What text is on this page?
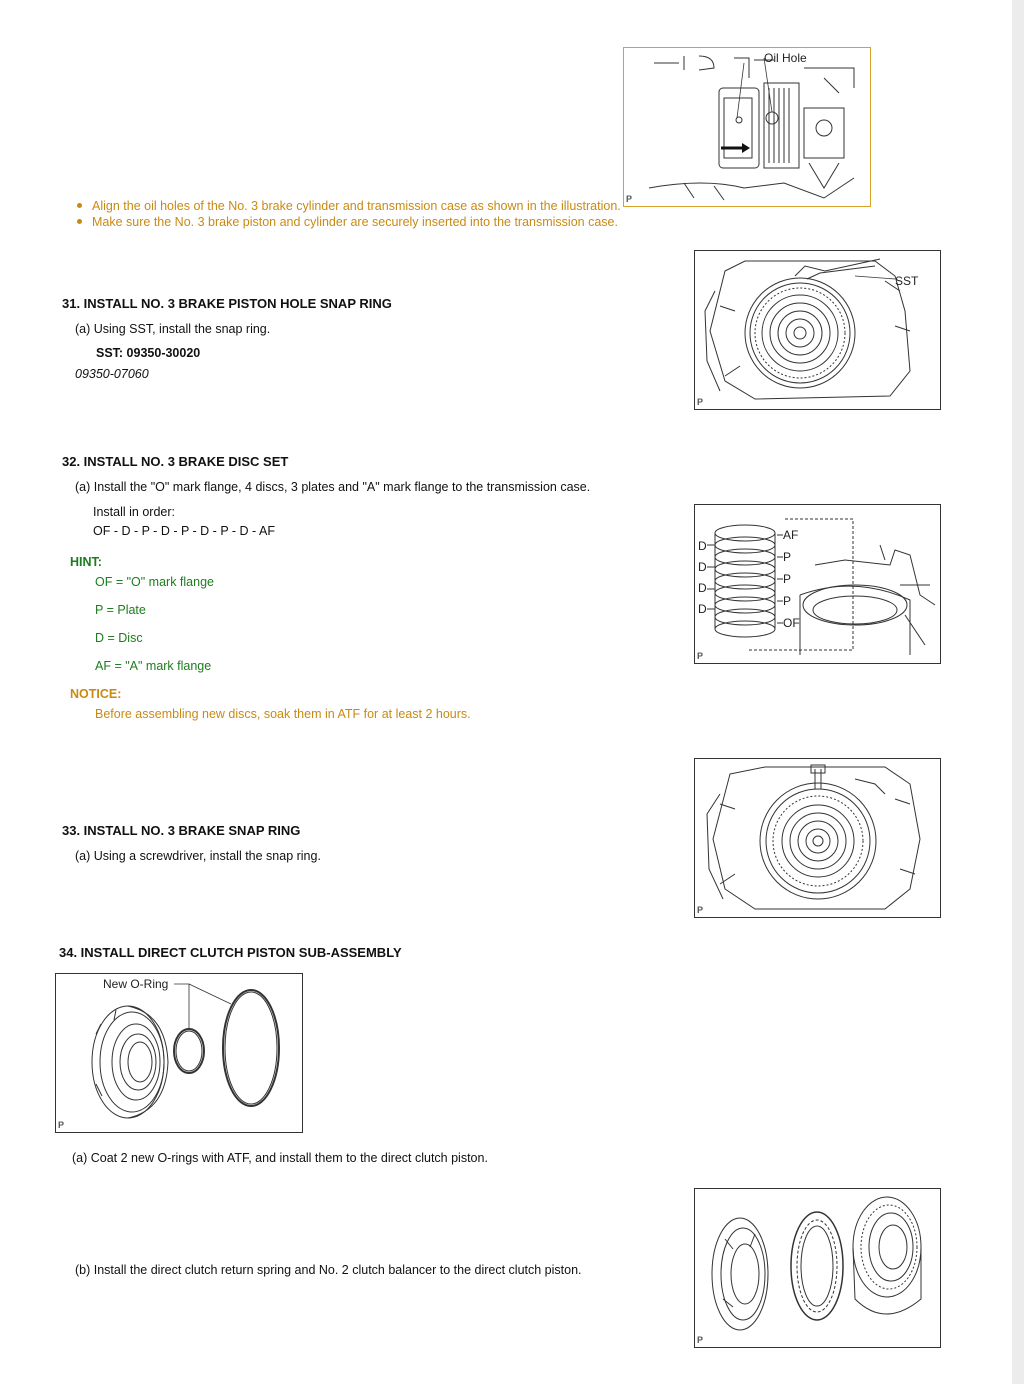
Oil Hole
P
Align the oil holes of the No. 3 brake cylinder and transmission case as shown in the illustration.
Make sure the No. 3 brake piston and cylinder are securely inserted into the transmission case.
SST
P
31. INSTALL NO. 3 BRAKE PISTON HOLE SNAP RING
(a) Using SST, install the snap ring.
SST: 09350-30020
09350-07060
32. INSTALL NO. 3 BRAKE DISC SET
(a) Install the "O" mark flange, 4 discs, 3 plates and "A" mark flange to the transmission case.
Install in order:
OF - D - P - D - P - D - P - D - AF
HINT:
OF = "O" mark flange
P = Plate
D = Disc
AF = "A" mark flange
NOTICE:
Before assembling new discs, soak them in ATF for at least 2 hours.
AF
P
P
P
OF
D
D
D
D
P
P
33. INSTALL NO. 3 BRAKE SNAP RING
(a) Using a screwdriver, install the snap ring.
34. INSTALL DIRECT CLUTCH PISTON SUB-ASSEMBLY
New O-Ring
P
(a) Coat 2 new O-rings with ATF, and install them to the direct clutch piston.
P
(b) Install the direct clutch return spring and No. 2 clutch balancer to the direct clutch piston.
